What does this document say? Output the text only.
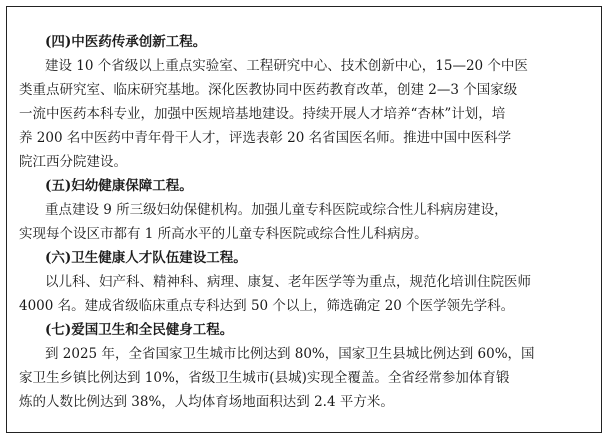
(四)中医药传承创新工程。
建设 10 个省级以上重点实验室、工程研究中心、技术创新中心，15—20 个中医
类重点研究室、临床研究基地。深化医教协同中医药教育改革，创建 2—3 个国家级
一流中医药本科专业，加强中医规培基地建设。持续开展人才培养“杏林”计划，培
养 200 名中医药中青年骨干人才，评选表彰 20 名省国医名师。推进中国中医科学
院江西分院建设。
(五)妇幼健康保障工程。
重点建设 9 所三级妇幼保健机构。加强儿童专科医院或综合性儿科病房建设，
实现每个设区市都有 1 所高水平的儿童专科医院或综合性儿科病房。
(六)卫生健康人才队伍建设工程。
以儿科、妇产科、精神科、病理、康复、老年医学等为重点，规范化培训住院医师
4000 名。建成省级临床重点专科达到 50 个以上，筛选确定 20 个医学领先学科。
(七)爱国卫生和全民健身工程。
到 2025 年，全省国家卫生城市比例达到 80%，国家卫生县城比例达到 60%，国
家卫生乡镇比例达到 10%，省级卫生城市(县城)实现全覆盖。全省经常参加体育锻
炼的人数比例达到 38%，人均体育场地面积达到 2.4 平方米。
